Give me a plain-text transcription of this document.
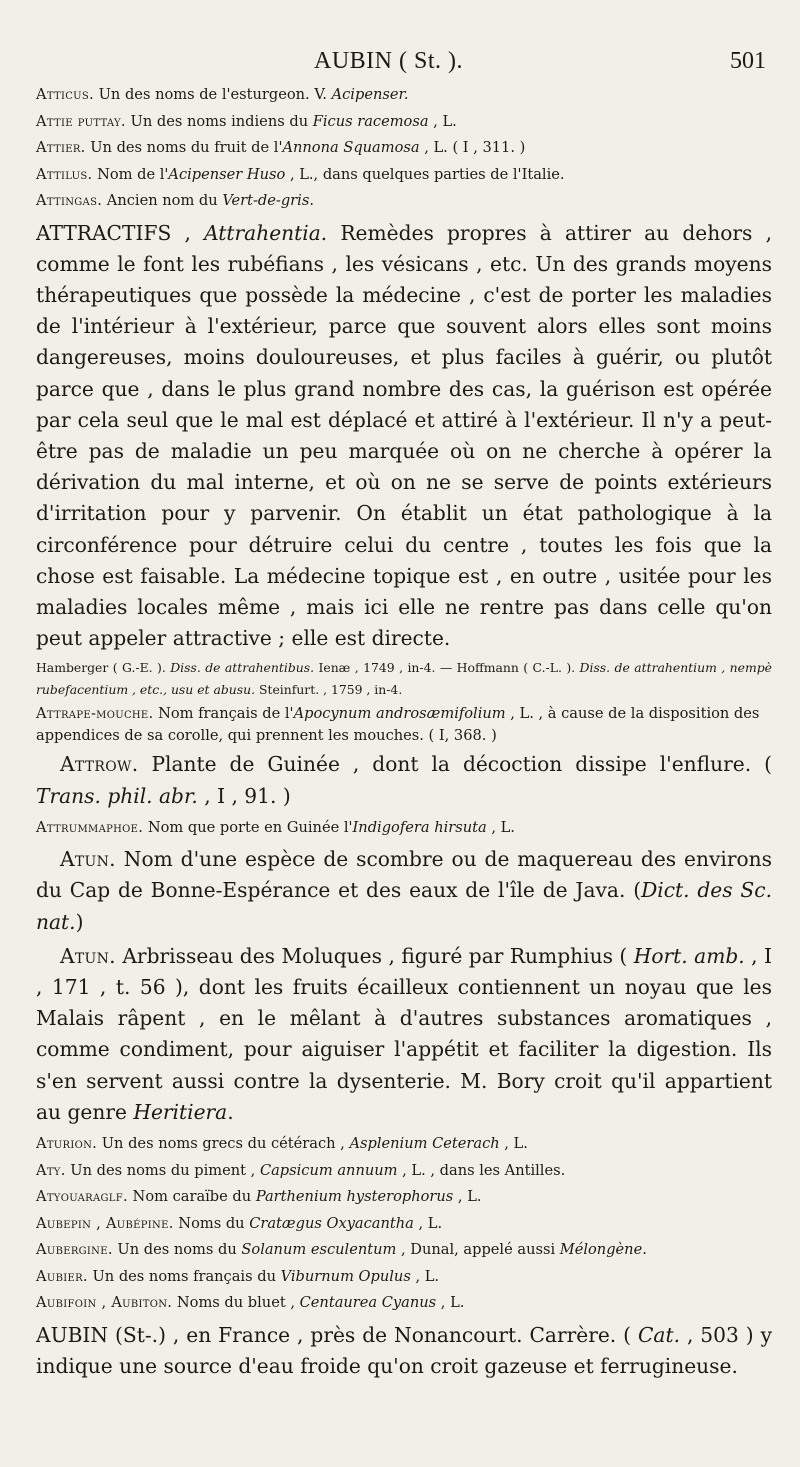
AUBIN ( St. ).	501

Atticus. Un des noms de l'esturgeon. V. Acipenser.

Attie puttay. Un des noms indiens du Ficus racemosa , L.

Attier. Un des noms du fruit de l'Annona Squamosa , L. ( I , 311. )

Attilus. Nom de l'Acipenser Huso , L., dans quelques parties de l'Italie.

Attingas. Ancien nom du Vert-de-gris.

ATTRACTIFS , Attrahentia. Remèdes propres à attirer au dehors , comme le font les rubéfians , les vésicans , etc. Un des grands moyens thérapeutiques que possède la médecine , c'est de porter les maladies de l'intérieur à l'extérieur, parce que souvent alors elles sont moins dangereuses, moins douloureuses, et plus faciles à guérir, ou plutôt parce que , dans le plus grand nombre des cas, la guérison est opérée par cela seul que le mal est déplacé et attiré à l'extérieur. Il n'y a peut-être pas de maladie un peu marquée où on ne cherche à opérer la dérivation du mal interne, et où on ne se serve de points extérieurs d'irritation pour y parvenir. On établit un état pathologique à la circonférence pour détruire celui du centre , toutes les fois que la chose est faisable. La médecine topique est , en outre , usitée pour les maladies locales même , mais ici elle ne rentre pas dans celle qu'on peut appeler attractive ; elle est directe.

Hamberger ( G.-E. ). Diss. de attrahentibus. Ienæ , 1749 , in-4. — Hoffmann ( C.-L. ). Diss. de attrahentium , nempè rubefacentium , etc., usu et abusu. Steinfurt. , 1759 , in-4.

Attrape-mouche. Nom français de l'Apocynum androsæmifolium , L. , à cause de la disposition des appendices de sa corolle, qui prennent les mouches. ( I, 368. )

Attrow. Plante de Guinée , dont la décoction dissipe l'enflure. ( Trans. phil. abr. , I , 91. )

Attrummaphoe. Nom que porte en Guinée l'Indigofera hirsuta , L.

Atun. Nom d'une espèce de scombre ou de maquereau des environs du Cap de Bonne-Espérance et des eaux de l'île de Java. (Dict. des Sc. nat.)

Atun. Arbrisseau des Moluques , figuré par Rumphius ( Hort. amb. , I , 171 , t. 56 ), dont les fruits écailleux contiennent un noyau que les Malais râpent , en le mêlant à d'autres substances aromatiques , comme condiment, pour aiguiser l'appétit et faciliter la digestion. Ils s'en servent aussi contre la dysenterie. M. Bory croit qu'il appartient au genre Heritiera.

Aturion. Un des noms grecs du cétérach , Asplenium Ceterach , L.

Aty. Un des noms du piment , Capsicum annuum , L. , dans les Antilles.

Atyouaraglf. Nom caraïbe du Parthenium hysterophorus , L.

Aubepin , Aubépine. Noms du Cratægus Oxyacantha , L.

Aubergine. Un des noms du Solanum esculentum , Dunal, appelé aussi Mélongène.

Aubier. Un des noms français du Viburnum Opulus , L.

Aubifoin , Aubiton. Noms du bluet , Centaurea Cyanus , L.

AUBIN (St-.) , en France , près de Nonancourt. Carrère. ( Cat. , 503 ) y indique une source d'eau froide qu'on croit gazeuse et ferrugineuse.
